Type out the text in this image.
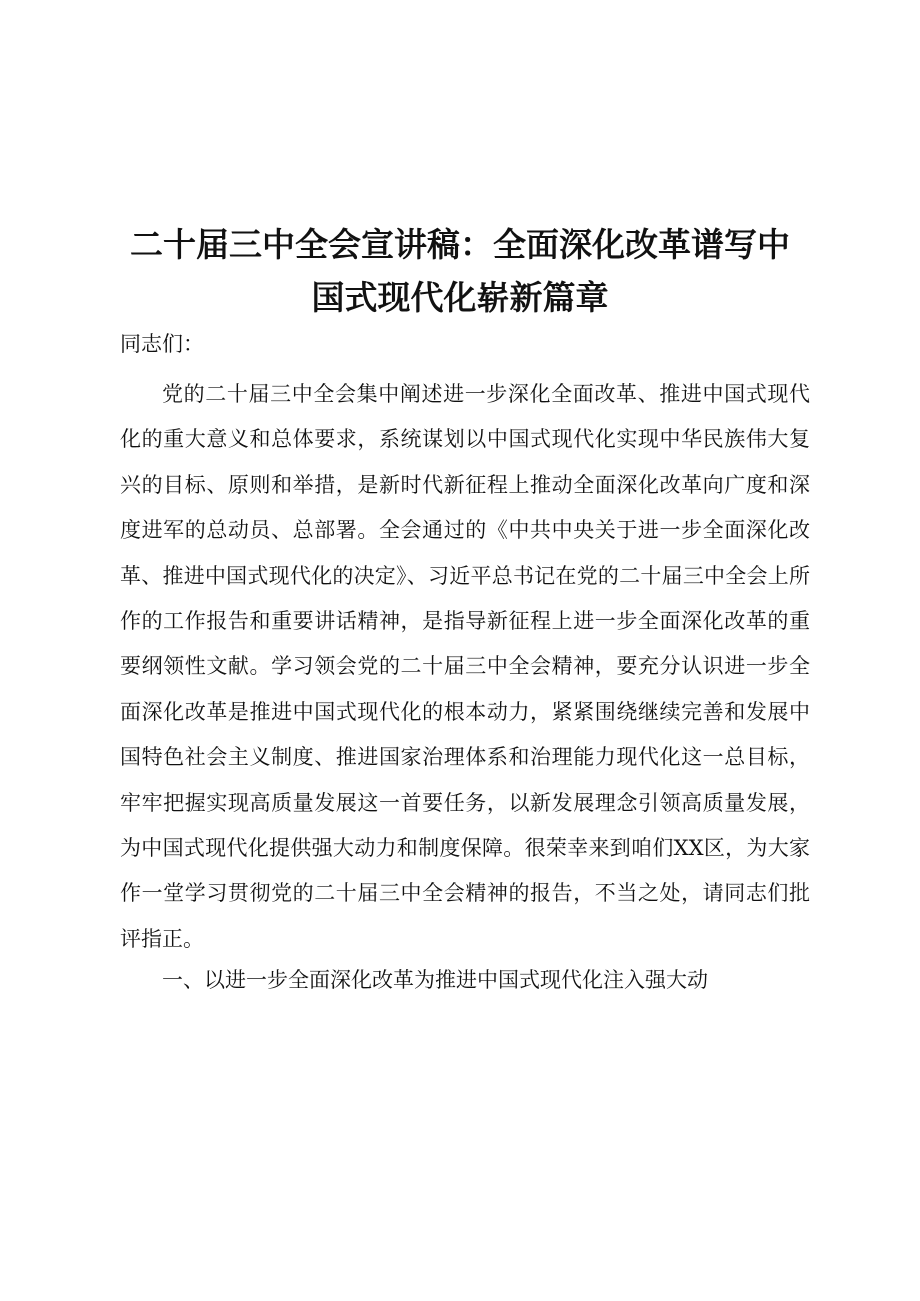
二十届三中全会宣讲稿：全面深化改革谱写中
国式现代化崭新篇章

同志们：

党的二十届三中全会集中阐述进一步深化全面改革、推进中国式现代化的重大意义和总体要求，系统谋划以中国式现代化实现中华民族伟大复兴的目标、原则和举措，是新时代新征程上推动全面深化改革向广度和深度进军的总动员、总部署。全会通过的《中共中央关于进一步全面深化改革、推进中国式现代化的决定》、习近平总书记在党的二十届三中全会上所作的工作报告和重要讲话精神，是指导新征程上进一步全面深化改革的重要纲领性文献。学习领会党的二十届三中全会精神，要充分认识进一步全面深化改革是推进中国式现代化的根本动力，紧紧围绕继续完善和发展中国特色社会主义制度、推进国家治理体系和治理能力现代化这一总目标，牢牢把握实现高质量发展这一首要任务，以新发展理念引领高质量发展，为中国式现代化提供强大动力和制度保障。很荣幸来到咱们XX区，为大家作一堂学习贯彻党的二十届三中全会精神的报告，不当之处，请同志们批评指正。

一、以进一步全面深化改革为推进中国式现代化注入强大动
